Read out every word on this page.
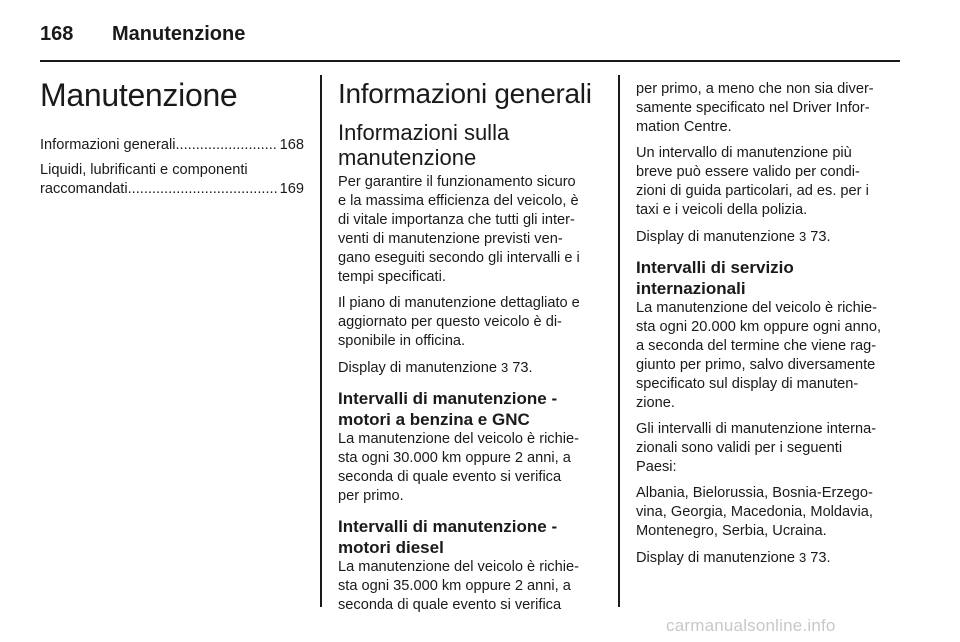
168	Manutenzione
Manutenzione
Informazioni generali .....	168
Liquidi, lubrificanti e componenti
raccomandati .....	169
Informazioni generali
Informazioni sulla
manutenzione

Per garantire il funzionamento sicuro
e la massima efficienza del veicolo, è
di vitale importanza che tutti gli inter-
venti di manutenzione previsti ven-
gano eseguiti secondo gli intervalli e i
tempi specificati.

Il piano di manutenzione dettagliato e
aggiornato per questo veicolo è di-
sponibile in officina.

Display di manutenzione 3 73.

Intervalli di manutenzione -
motori a benzina e GNC

La manutenzione del veicolo è richie-
sta ogni 30.000 km oppure 2 anni, a
seconda di quale evento si verifica
per primo.

Intervalli di manutenzione -
motori diesel

La manutenzione del veicolo è richie-
sta ogni 35.000 km oppure 2 anni, a
seconda di quale evento si verifica

per primo, a meno che non sia diver-
samente specificato nel Driver Infor-
mation Centre.

Un intervallo di manutenzione più
breve può essere valido per condi-
zioni di guida particolari, ad es. per i
taxi e i veicoli della polizia.

Display di manutenzione 3 73.

Intervalli di servizio
internazionali

La manutenzione del veicolo è richie-
sta ogni 20.000 km oppure ogni anno,
a seconda del termine che viene rag-
giunto per primo, salvo diversamente
specificato sul display di manuten-
zione.

Gli intervalli di manutenzione interna-
zionali sono validi per i seguenti
Paesi:

Albania, Bielorussia, Bosnia-Erzego-
vina, Georgia, Macedonia, Moldavia,
Montenegro, Serbia, Ucraina.

Display di manutenzione 3 73.

carmanualsonline.info
